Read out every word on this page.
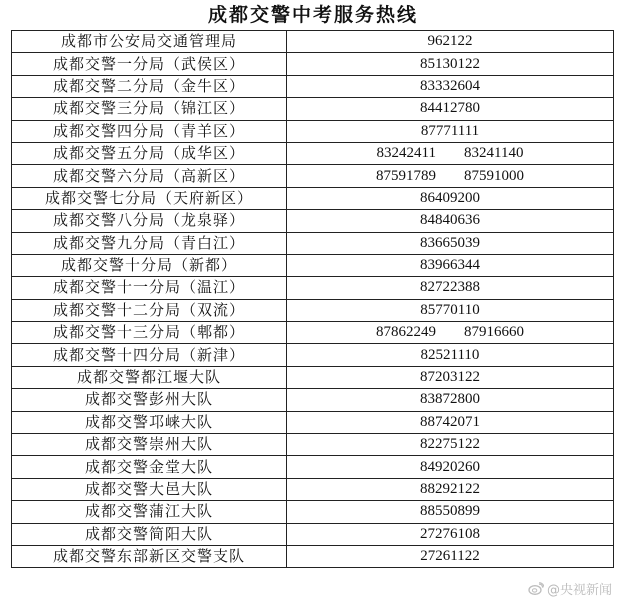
成都交警中考服务热线
成都市公安局交通管理局	962122
成都交警一分局（武侯区）	85130122
成都交警二分局（金牛区）	83332604
成都交警三分局（锦江区）	84412780
成都交警四分局（青羊区）	87771111
成都交警五分局（成华区）	83242411 83241140
成都交警六分局（高新区）	87591789 87591000
成都交警七分局（天府新区）	86409200
成都交警八分局（龙泉驿）	84840636
成都交警九分局（青白江）	83665039
成都交警十分局（新都）	83966344
成都交警十一分局（温江）	82722388
成都交警十二分局（双流）	85770110
成都交警十三分局（郫都）	87862249 87916660
成都交警十四分局（新津）	82521110
成都交警都江堰大队	87203122
成都交警彭州大队	83872800
成都交警邛崃大队	88742071
成都交警崇州大队	82275122
成都交警金堂大队	84920260
成都交警大邑大队	88292122
成都交警蒲江大队	88550899
成都交警简阳大队	27276108
成都交警东部新区交警支队	27261122
@央视新闻
